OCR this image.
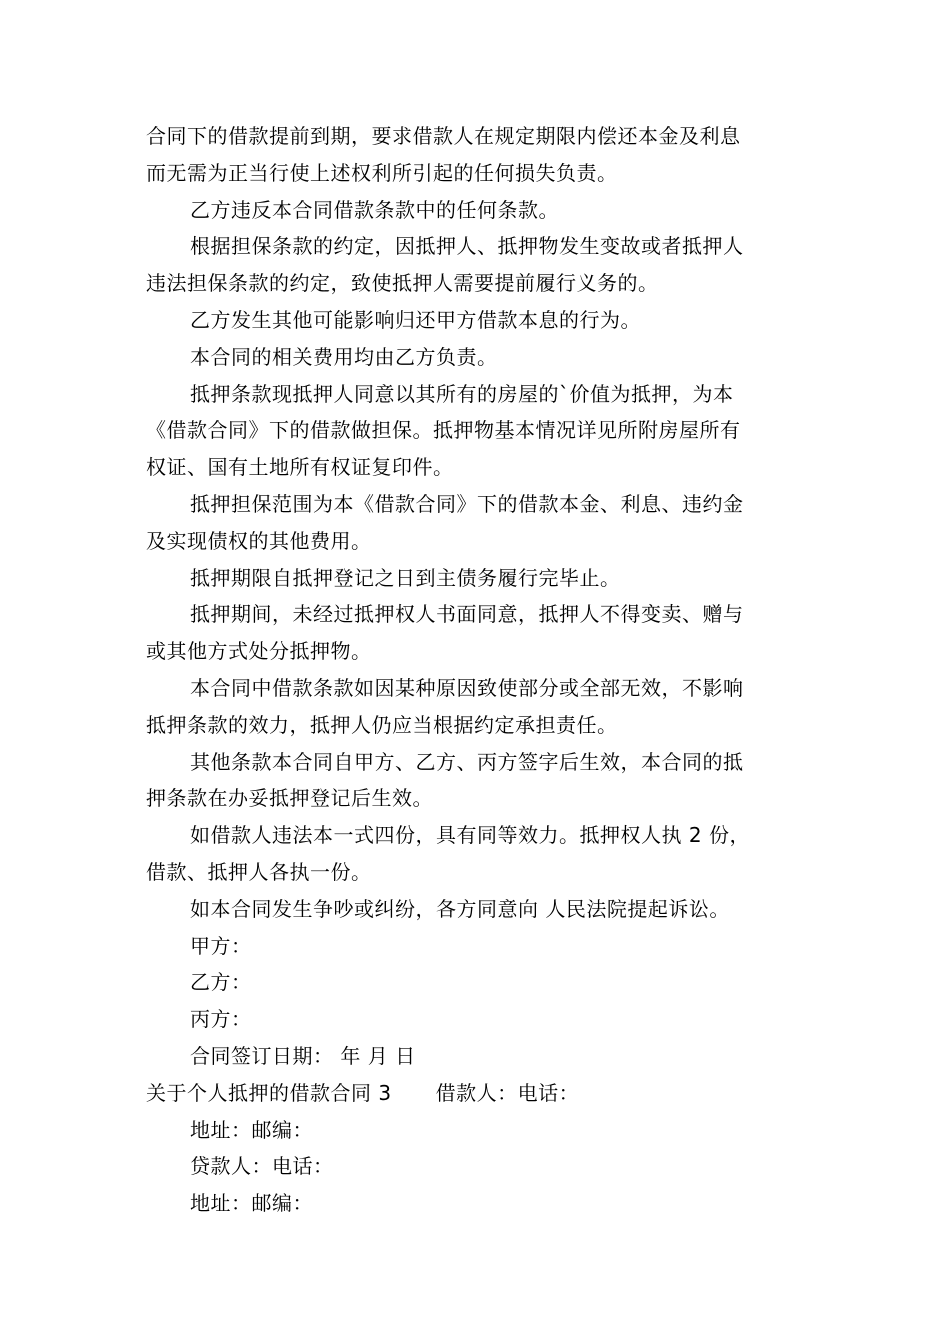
合同下的借款提前到期，要求借款人在规定期限内偿还本金及利息
而无需为正当行使上述权利所引起的任何损失负责。
乙方违反本合同借款条款中的任何条款。
根据担保条款的约定，因抵押人、抵押物发生变故或者抵押人
违法担保条款的约定，致使抵押人需要提前履行义务的。
乙方发生其他可能影响归还甲方借款本息的行为。
本合同的相关费用均由乙方负责。
抵押条款现抵押人同意以其所有的房屋的`价值为抵押，为本
《借款合同》下的借款做担保。抵押物基本情况详见所附房屋所有
权证、国有土地所有权证复印件。
抵押担保范围为本《借款合同》下的借款本金、利息、违约金
及实现债权的其他费用。
抵押期限自抵押登记之日到主债务履行完毕止。
抵押期间，未经过抵押权人书面同意，抵押人不得变卖、赠与
或其他方式处分抵押物。
本合同中借款条款如因某种原因致使部分或全部无效，不影响
抵押条款的效力，抵押人仍应当根据约定承担责任。
其他条款本合同自甲方、乙方、丙方签字后生效，本合同的抵
押条款在办妥抵押登记后生效。
如借款人违法本一式四份，具有同等效力。抵押权人执 2 份，
借款、抵押人各执一份。
如本合同发生争吵或纠纷，各方同意向 人民法院提起诉讼。
甲方：
乙方：
丙方：
合同签订日期： 年 月 日
关于个人抵押的借款合同 3 借款人：电话：
地址：邮编：
贷款人：电话：
地址：邮编：
